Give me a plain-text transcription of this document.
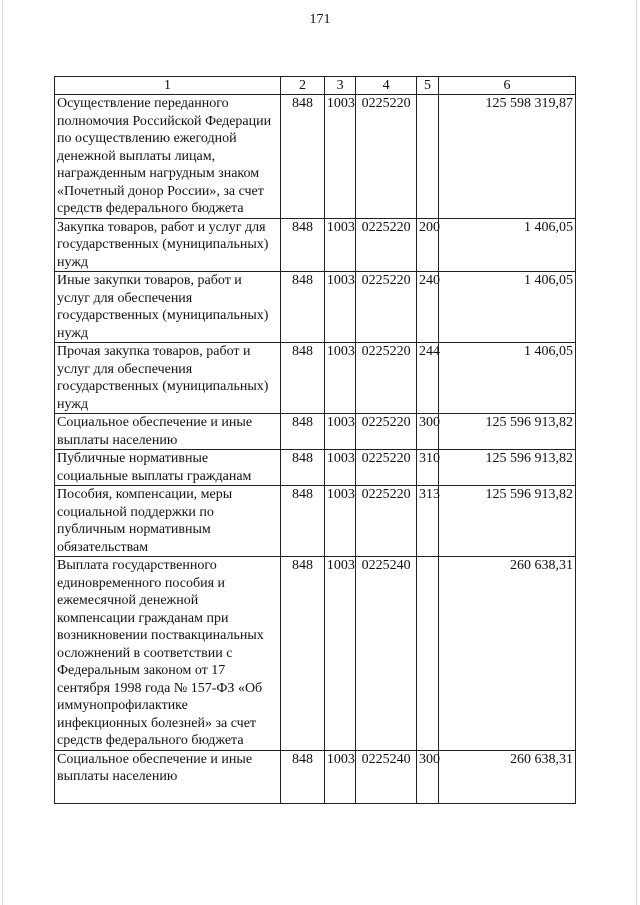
171
1	2	3	4	5	6
Осуществление переданного полномочия Российской Федерации по осуществлению ежегодной денежной выплаты лицам, награжденным нагрудным знаком «Почетный донор России», за счет средств федерального бюджета	848	1003	0225220		125 598 319,87
Закупка товаров, работ и услуг для государственных (муниципальных) нужд	848	1003	0225220	200	1 406,05
Иные закупки товаров, работ и услуг для обеспечения государственных (муниципальных) нужд	848	1003	0225220	240	1 406,05
Прочая закупка товаров, работ и услуг для обеспечения государственных (муниципальных) нужд	848	1003	0225220	244	1 406,05
Социальное обеспечение и иные выплаты населению	848	1003	0225220	300	125 596 913,82
Публичные нормативные социальные выплаты гражданам	848	1003	0225220	310	125 596 913,82
Пособия, компенсации, меры социальной поддержки по публичным нормативным обязательствам	848	1003	0225220	313	125 596 913,82
Выплата государственного единовременного пособия и ежемесячной денежной компенсации гражданам при возникновении поствакцинальных осложнений в соответствии с Федеральным законом от 17 сентября 1998 года № 157-ФЗ «Об иммунопрофилактике инфекционных болезней» за счет средств федерального бюджета	848	1003	0225240		260 638,31
Социальное обеспечение и иные выплаты населению	848	1003	0225240	300	260 638,31
